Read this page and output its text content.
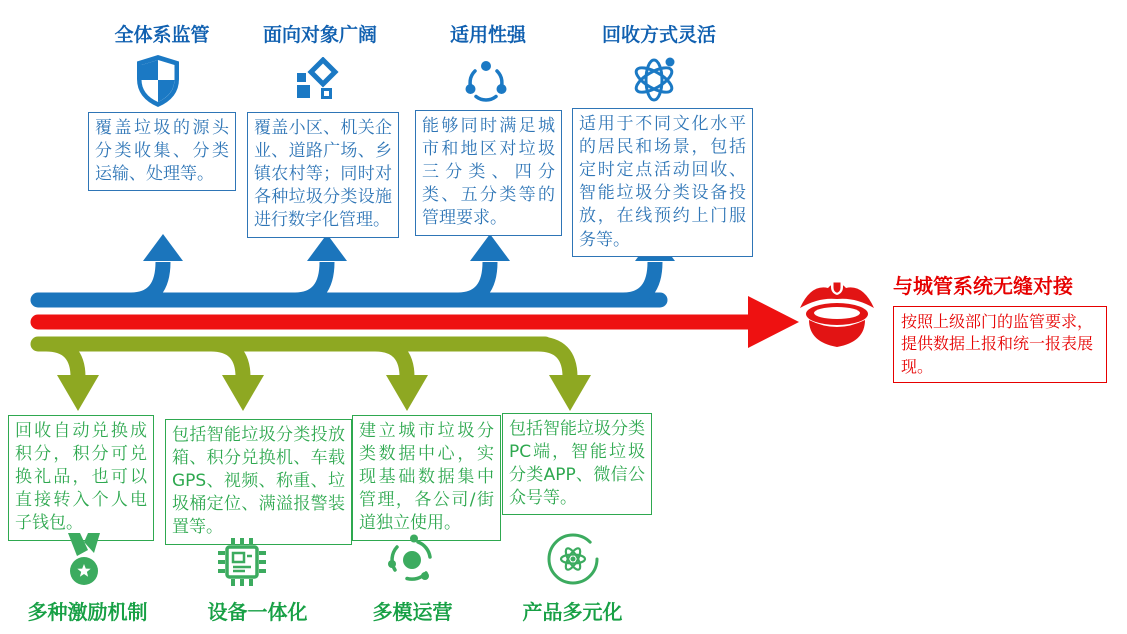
全体系监管
覆盖垃圾的源头分类收集、分类运输、处理等。
面向对象广阔
覆盖小区、机关企业、道路广场、乡镇农村等；同时对各种垃圾分类设施进行数字化管理。
适用性强
能够同时满足城市和地区对垃圾三分类、四分类、五分类等的管理要求。
回收方式灵活
适用于不同文化水平的居民和场景，包括定时定点活动回收、智能垃圾分类设备投放，在线预约上门服务等。
回收自动兑换成积分，积分可兑换礼品，也可以直接转入个人电子钱包。
多种激励机制
包括智能垃圾分类投放箱、积分兑换机、车载GPS、视频、称重、垃圾桶定位、满溢报警装置等。
设备一体化
建立城市垃圾分类数据中心，实现基础数据集中管理，各公司/街道独立使用。
多模运营
包括智能垃圾分类PC端，智能垃圾分类APP、微信公众号等。
产品多元化
与城管系统无缝对接
按照上级部门的监管要求，提供数据上报和统一报表展现。
